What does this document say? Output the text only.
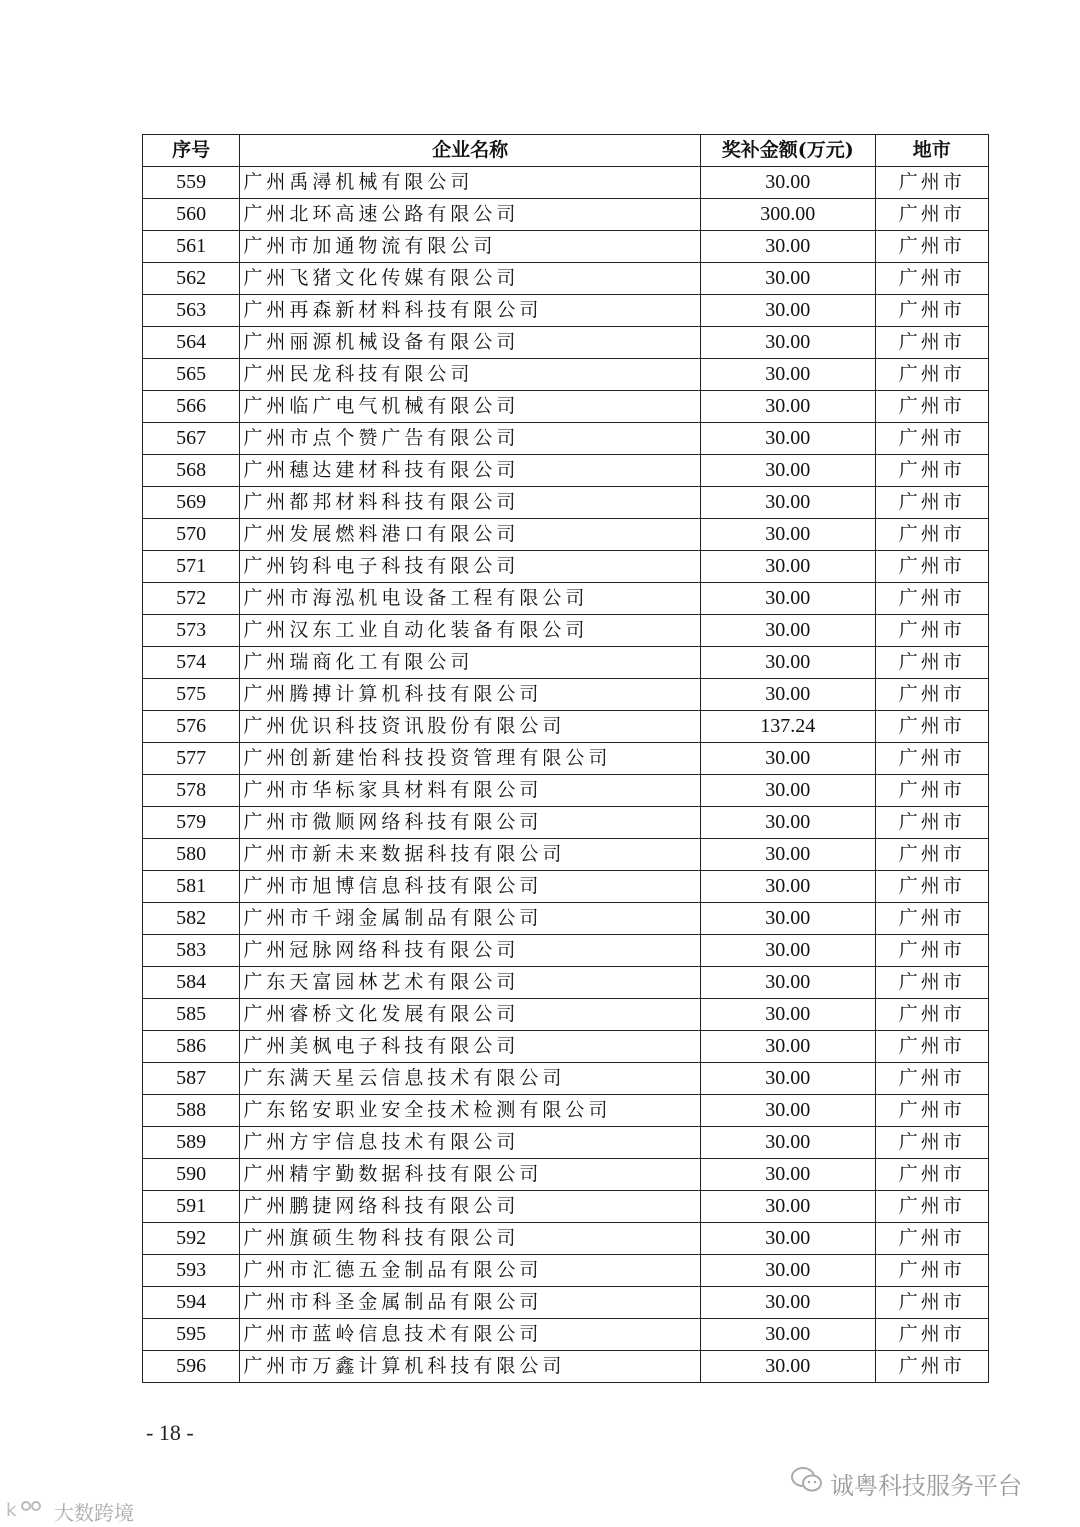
序号	企业名称	奖补金额(万元)	地市
559	广州禹潯机械有限公司	30.00	广州市
560	广州北环高速公路有限公司	300.00	广州市
561	广州市加通物流有限公司	30.00	广州市
562	广州飞猪文化传媒有限公司	30.00	广州市
563	广州再森新材料科技有限公司	30.00	广州市
564	广州丽源机械设备有限公司	30.00	广州市
565	广州民龙科技有限公司	30.00	广州市
566	广州临广电气机械有限公司	30.00	广州市
567	广州市点个赞广告有限公司	30.00	广州市
568	广州穗达建材科技有限公司	30.00	广州市
569	广州都邦材料科技有限公司	30.00	广州市
570	广州发展燃料港口有限公司	30.00	广州市
571	广州钧科电子科技有限公司	30.00	广州市
572	广州市海泓机电设备工程有限公司	30.00	广州市
573	广州汉东工业自动化装备有限公司	30.00	广州市
574	广州瑞商化工有限公司	30.00	广州市
575	广州腾搏计算机科技有限公司	30.00	广州市
576	广州优识科技资讯股份有限公司	137.24	广州市
577	广州创新建怡科技投资管理有限公司	30.00	广州市
578	广州市华标家具材料有限公司	30.00	广州市
579	广州市微顺网络科技有限公司	30.00	广州市
580	广州市新未来数据科技有限公司	30.00	广州市
581	广州市旭博信息科技有限公司	30.00	广州市
582	广州市千翊金属制品有限公司	30.00	广州市
583	广州冠脉网络科技有限公司	30.00	广州市
584	广东天富园林艺术有限公司	30.00	广州市
585	广州睿桥文化发展有限公司	30.00	广州市
586	广州美枫电子科技有限公司	30.00	广州市
587	广东满天星云信息技术有限公司	30.00	广州市
588	广东铭安职业安全技术检测有限公司	30.00	广州市
589	广州方宇信息技术有限公司	30.00	广州市
590	广州精宇勤数据科技有限公司	30.00	广州市
591	广州鹏捷网络科技有限公司	30.00	广州市
592	广州旗硕生物科技有限公司	30.00	广州市
593	广州市汇德五金制品有限公司	30.00	广州市
594	广州市科圣金属制品有限公司	30.00	广州市
595	广州市蓝岭信息技术有限公司	30.00	广州市
596	广州市万鑫计算机科技有限公司	30.00	广州市
- 18 -
诚粤科技服务平台
k 大数跨境
